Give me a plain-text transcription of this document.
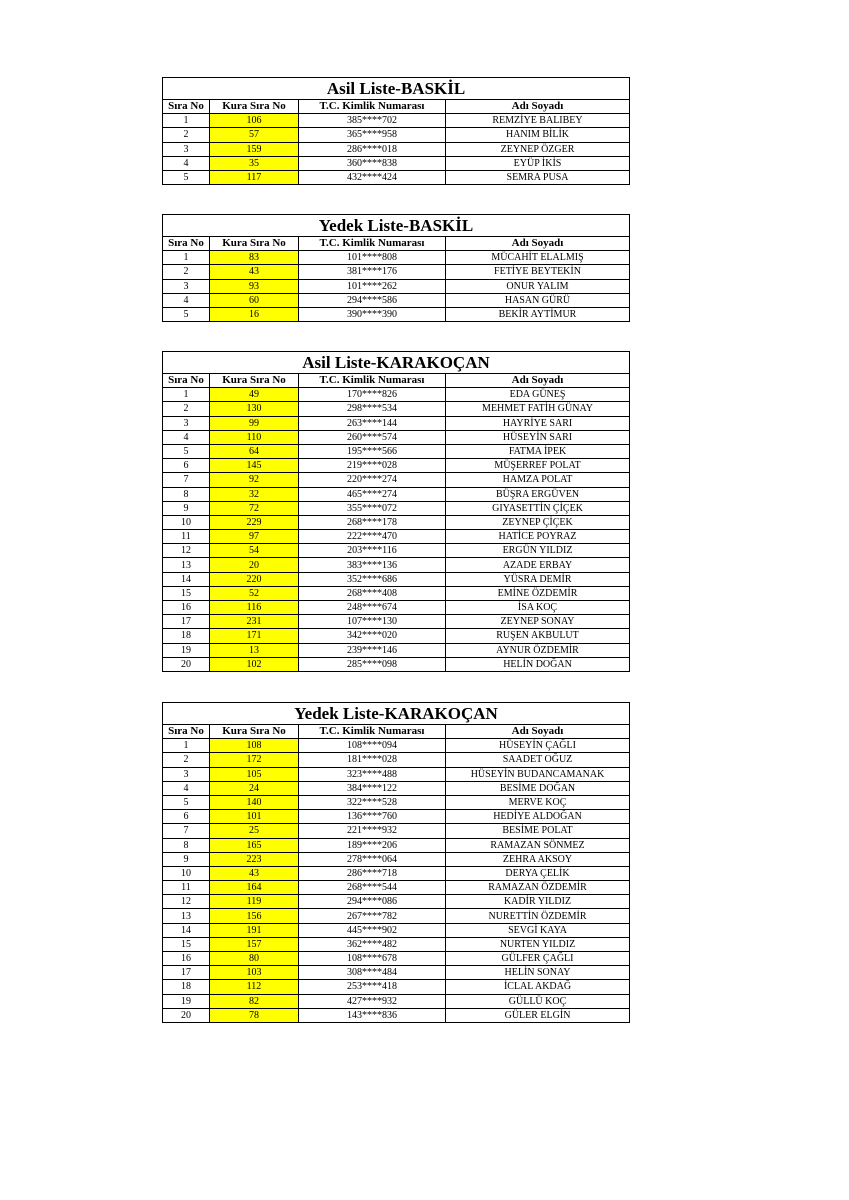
Asil Liste-BASKİL			
Sıra No	Kura Sıra No	T.C. Kimlik Numarası	Adı Soyadı
1	106	385****702	REMZİYE BALIBEY
2	57	365****958	HANIM BİLİK
3	159	286****018	ZEYNEP ÖZGER
4	35	360****838	EYÜP İKİS
5	117	432****424	SEMRA PUSA
Yedek Liste-BASKİL			
Sıra No	Kura Sıra No	T.C. Kimlik Numarası	Adı Soyadı
1	83	101****808	MÜCAHİT ELALMIŞ
2	43	381****176	FETİYE BEYTEKİN
3	93	101****262	ONUR YALIM
4	60	294****586	HASAN GÜRÜ
5	16	390****390	BEKİR AYTİMUR
Asil Liste-KARAKOÇAN			
Sıra No	Kura Sıra No	T.C. Kimlik Numarası	Adı Soyadı
1	49	170****826	EDA GÜNEŞ
2	130	298****534	MEHMET FATİH GÜNAY
3	99	263****144	HAYRİYE SARI
4	110	260****574	HÜSEYİN SARI
5	64	195****566	FATMA İPEK
6	145	219****028	MÜŞERREF POLAT
7	92	220****274	HAMZA POLAT
8	32	465****274	BÜŞRA ERGÜVEN
9	72	355****072	GIYASETTİN ÇİÇEK
10	229	268****178	ZEYNEP ÇİÇEK
11	97	222****470	HATİCE POYRAZ
12	54	203****116	ERGÜN YILDIZ
13	20	383****136	AZADE ERBAY
14	220	352****686	YÜSRA DEMİR
15	52	268****408	EMİNE ÖZDEMİR
16	116	248****674	İSA KOÇ
17	231	107****130	ZEYNEP SONAY
18	171	342****020	RUŞEN AKBULUT
19	13	239****146	AYNUR ÖZDEMİR
20	102	285****098	HELİN DOĞAN
Yedek Liste-KARAKOÇAN			
Sıra No	Kura Sıra No	T.C. Kimlik Numarası	Adı Soyadı
1	108	108****094	HÜSEYİN ÇAĞLI
2	172	181****028	SAADET OĞUZ
3	105	323****488	HÜSEYİN BUDANCAMANAK
4	24	384****122	BESİME DOĞAN
5	140	322****528	MERVE KOÇ
6	101	136****760	HEDİYE ALDOĞAN
7	25	221****932	BESİME POLAT
8	165	189****206	RAMAZAN SÖNMEZ
9	223	278****064	ZEHRA AKSOY
10	43	286****718	DERYA ÇELİK
11	164	268****544	RAMAZAN ÖZDEMİR
12	119	294****086	KADİR YILDIZ
13	156	267****782	NURETTİN ÖZDEMİR
14	191	445****902	SEVGİ KAYA
15	157	362****482	NURTEN YILDIZ
16	80	108****678	GÜLFER ÇAĞLI
17	103	308****484	HELİN SONAY
18	112	253****418	İCLAL AKDAĞ
19	82	427****932	GÜLLÜ KOÇ
20	78	143****836	GÜLER ELGİN
